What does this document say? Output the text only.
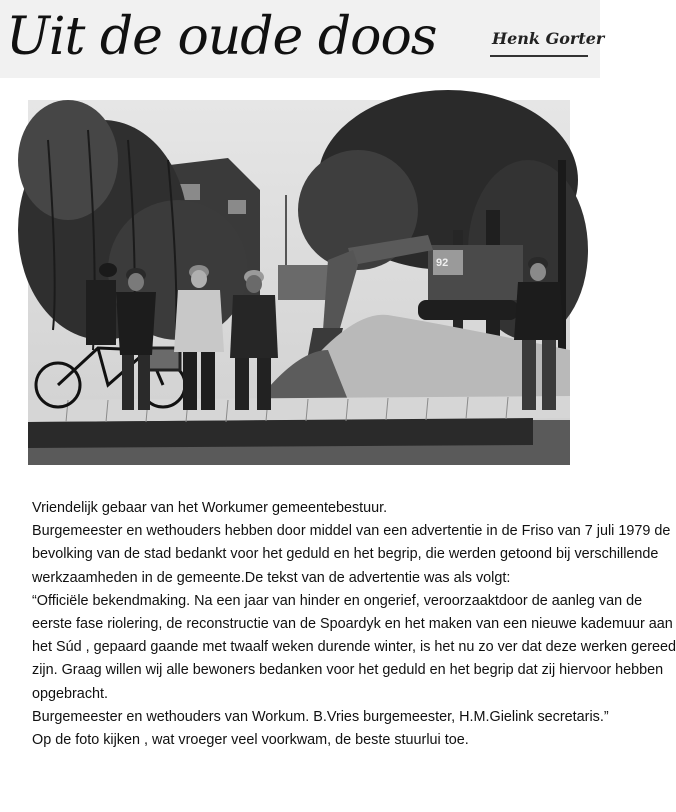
Uit de oude doos	Henk Gorter
92

Vriendelijk gebaar van het Workumer gemeentebestuur.

Burgemeester en wethouders hebben door middel van een advertentie in de Friso van 7 juli 1979 de

bevolking van de stad bedankt voor het geduld en het begrip, die werden getoond bij verschillende

werkzaamheden in de gemeente.De tekst van de advertentie was als volgt:

“Officiële bekendmaking. Na een jaar van hinder en ongerief, veroorzaaktdoor de aanleg van de

eerste fase riolering, de reconstructie van de Spoardyk en het maken van een nieuwe kademuur aan

het Súd , gepaard gaande met twaalf weken durende winter, is het nu zo ver dat deze werken gereed

zijn. Graag willen wij alle bewoners bedanken voor het geduld en het begrip dat zij hiervoor hebben

opgebracht.

Burgemeester en wethouders van Workum. B.Vries burgemeester, H.M.Gielink secretaris.”

Op de foto kijken , wat vroeger veel voorkwam, de beste stuurlui toe.
